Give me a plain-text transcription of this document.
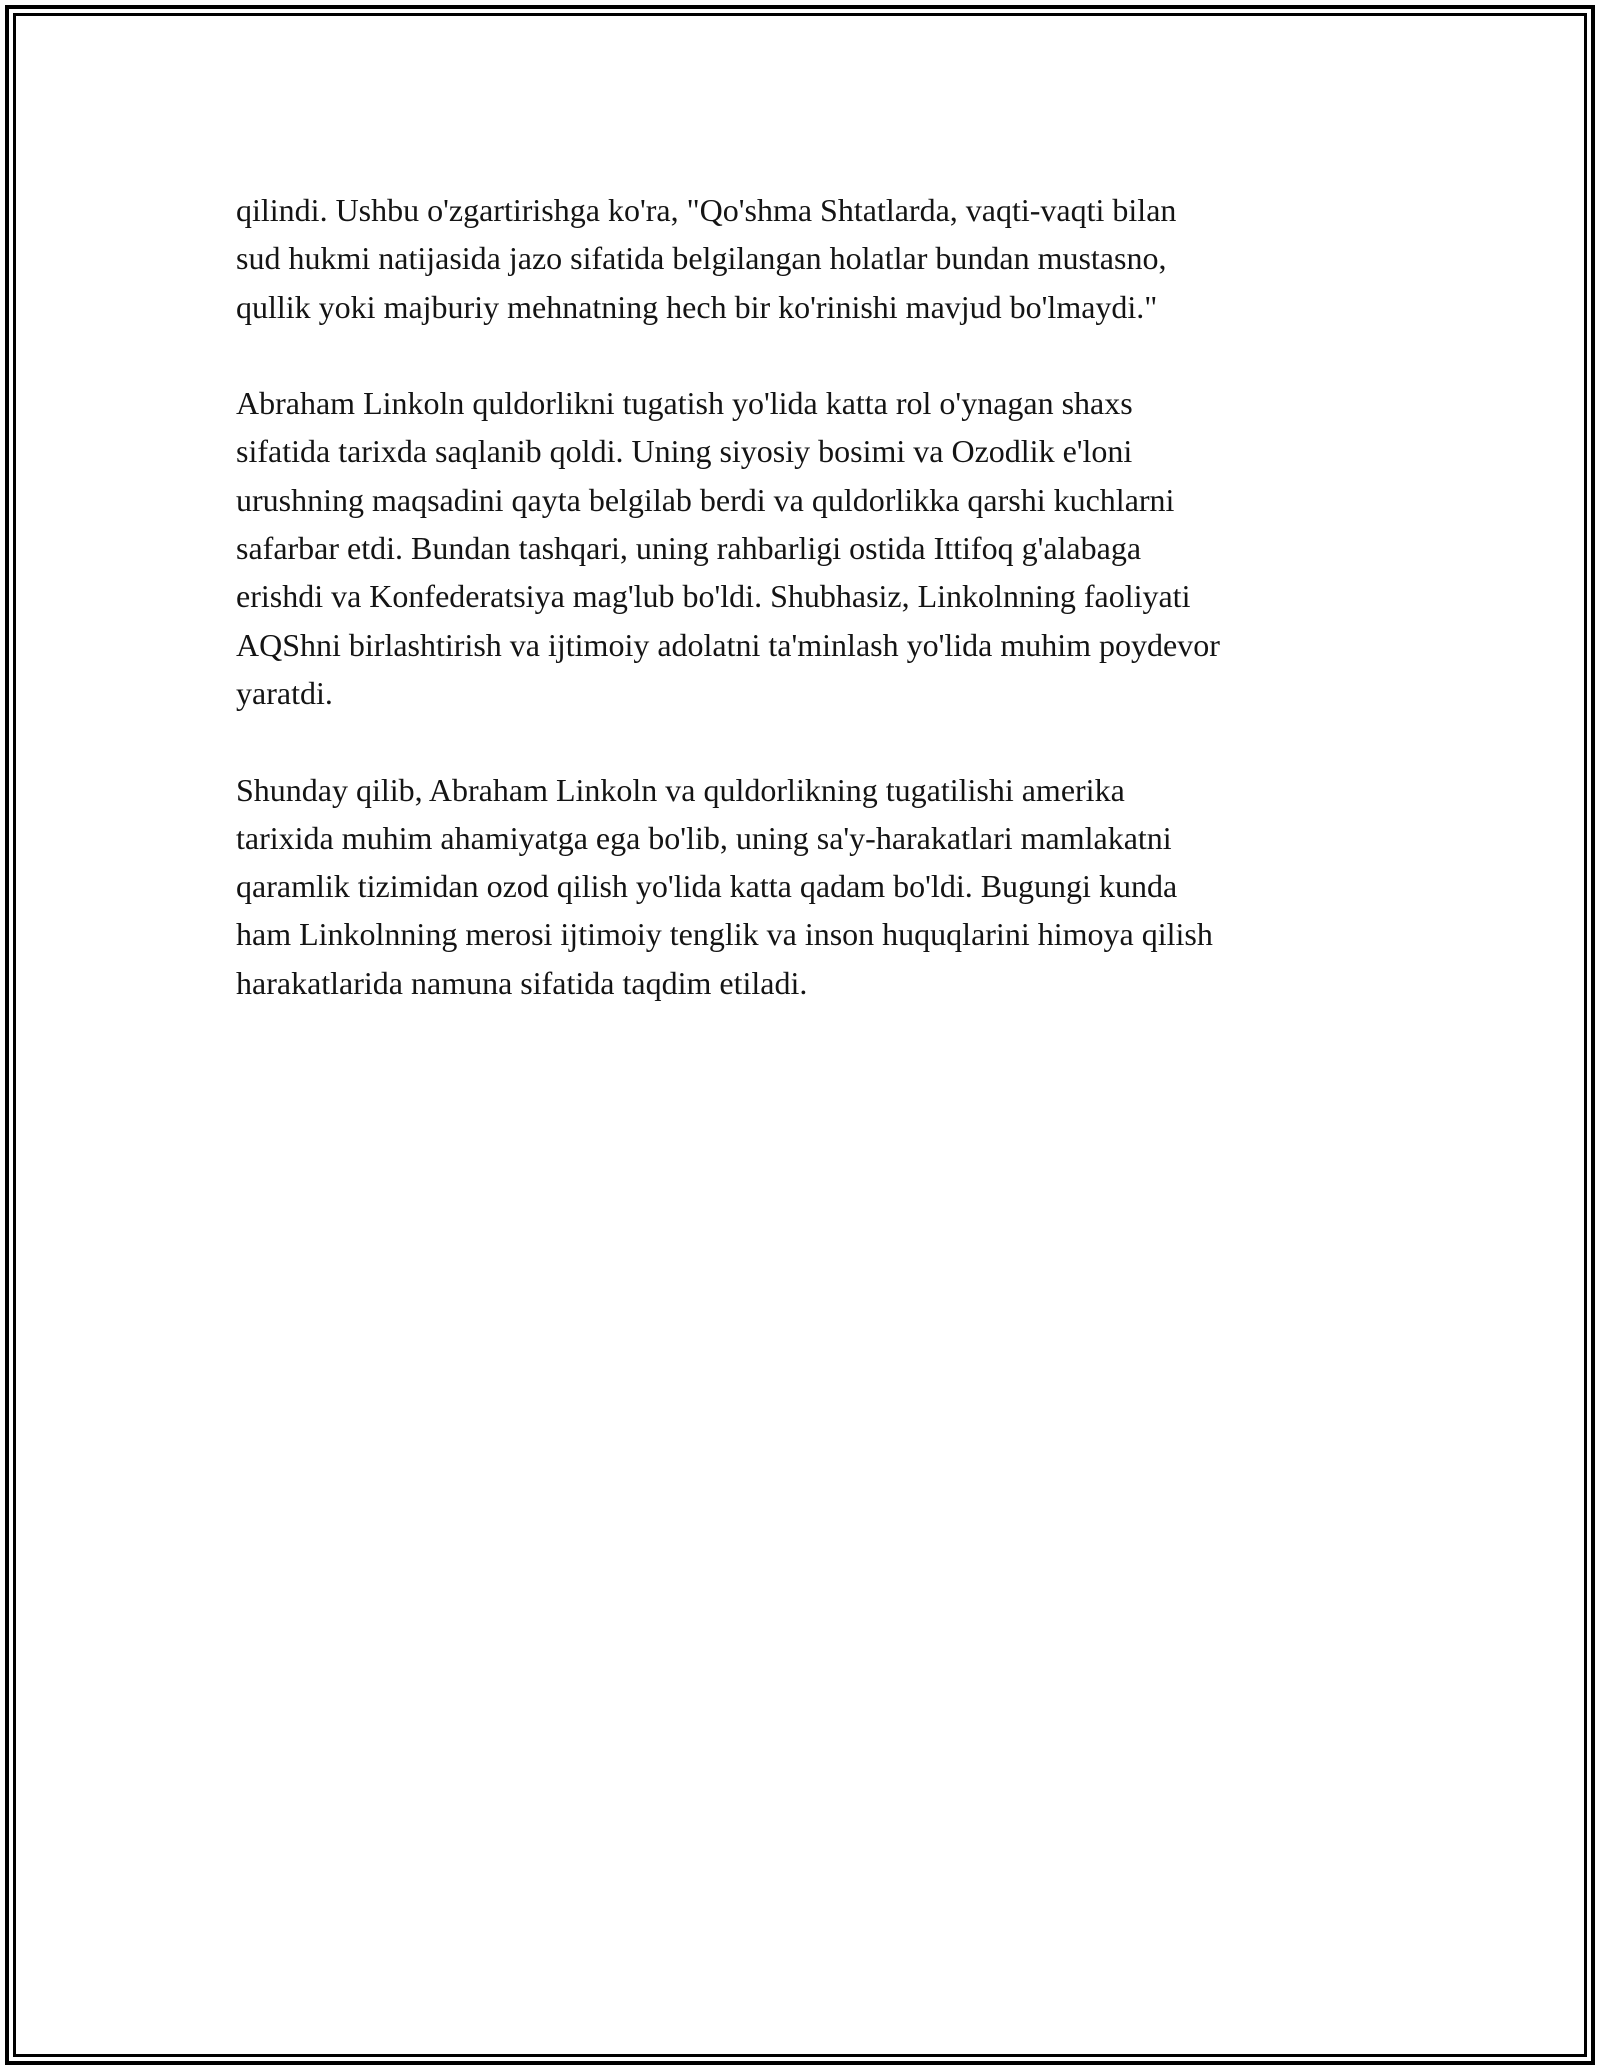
qilindi. Ushbu o'zgartirishga ko'ra, "Qo'shma Shtatlarda, vaqti-vaqti bilan
sud hukmi natijasida jazo sifatida belgilangan holatlar bundan mustasno,
qullik yoki majburiy mehnatning hech bir ko'rinishi mavjud bo'lmaydi."

Abraham Linkoln quldorlikni tugatish yo'lida katta rol o'ynagan shaxs
sifatida tarixda saqlanib qoldi. Uning siyosiy bosimi va Ozodlik e'loni
urushning maqsadini qayta belgilab berdi va quldorlikka qarshi kuchlarni
safarbar etdi. Bundan tashqari, uning rahbarligi ostida Ittifoq g'alabaga
erishdi va Konfederatsiya mag'lub bo'ldi. Shubhasiz, Linkolnning faoliyati
AQShni birlashtirish va ijtimoiy adolatni ta'minlash yo'lida muhim poydevor
yaratdi.

Shunday qilib, Abraham Linkoln va quldorlikning tugatilishi amerika
tarixida muhim ahamiyatga ega bo'lib, uning sa'y-harakatlari mamlakatni
qaramlik tizimidan ozod qilish yo'lida katta qadam bo'ldi. Bugungi kunda
ham Linkolnning merosi ijtimoiy tenglik va inson huquqlarini himoya qilish
harakatlarida namuna sifatida taqdim etiladi.
